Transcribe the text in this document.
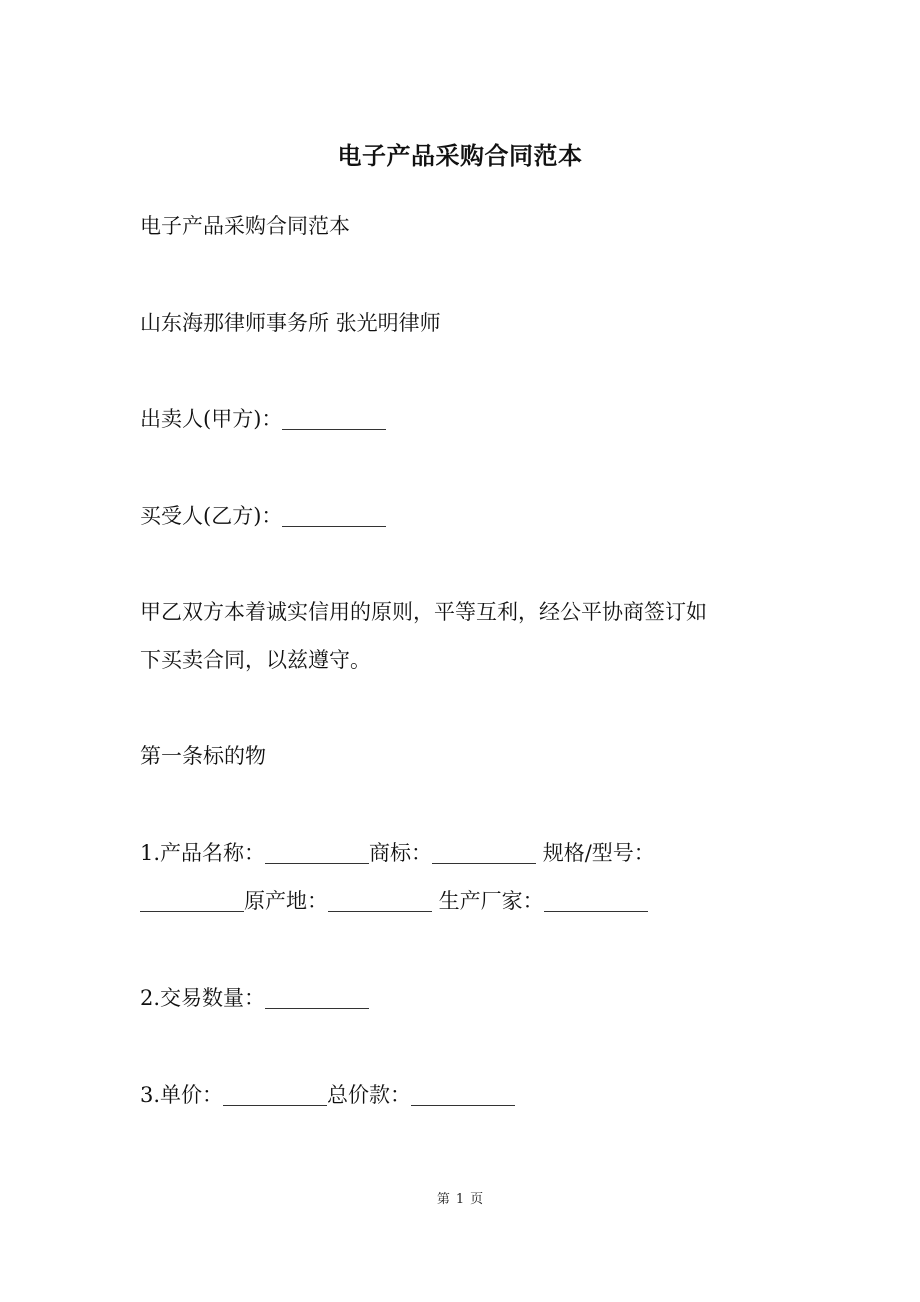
电子产品采购合同范本
电子产品采购合同范本
山东海那律师事务所 张光明律师
出卖人(甲方)：
买受人(乙方)：
甲乙双方本着诚实信用的原则，平等互利，经公平协商签订如
下买卖合同，以兹遵守。
第一条标的物
1.产品名称：	商标：	规格/型号：
原产地：	生产厂家：
2.交易数量：
3.单价：	总价款：
第 1 页
